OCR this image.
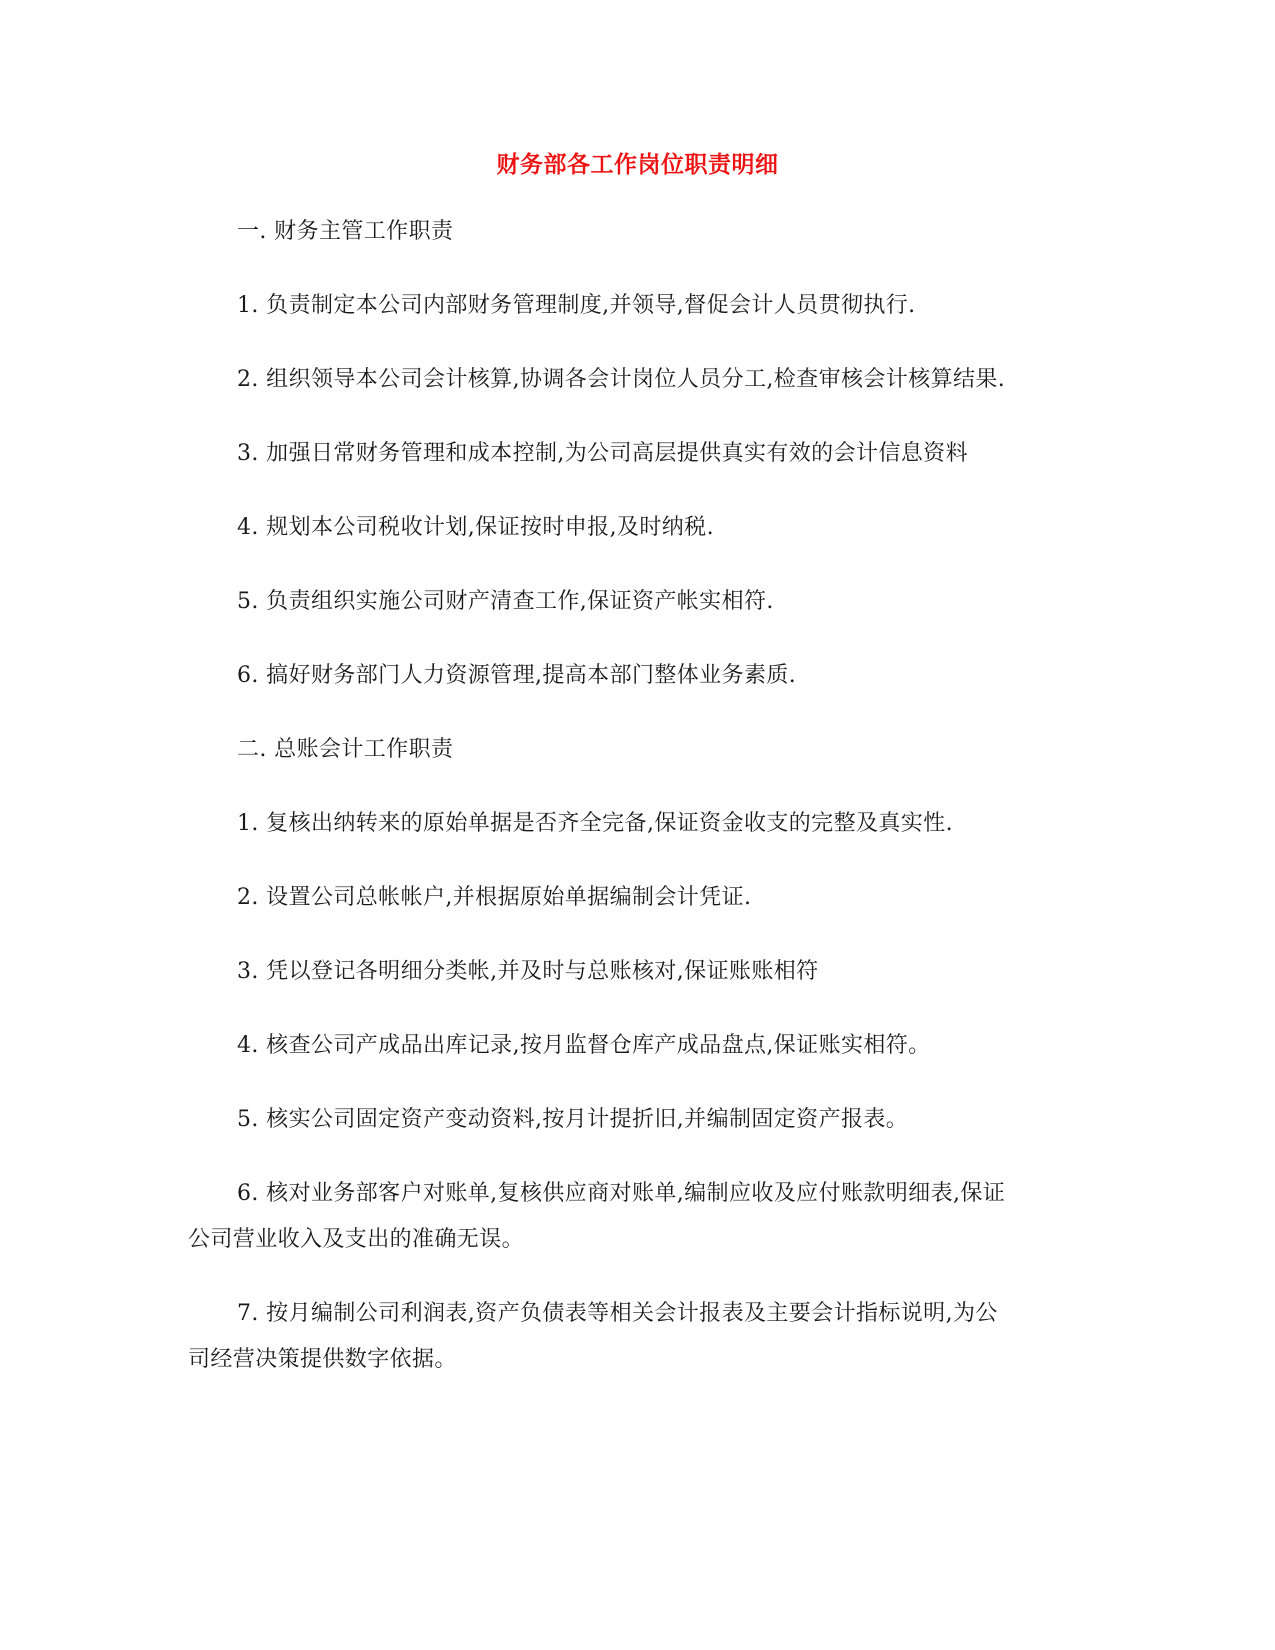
财务部各工作岗位职责明细
一. 财务主管工作职责
1. 负责制定本公司内部财务管理制度,并领导,督促会计人员贯彻执行.
2. 组织领导本公司会计核算,协调各会计岗位人员分工,检查审核会计核算结果.
3. 加强日常财务管理和成本控制,为公司高层提供真实有效的会计信息资料
4. 规划本公司税收计划,保证按时申报,及时纳税.
5. 负责组织实施公司财产清查工作,保证资产帐实相符.
6. 搞好财务部门人力资源管理,提高本部门整体业务素质.
二. 总账会计工作职责
1. 复核出纳转来的原始单据是否齐全完备,保证资金收支的完整及真实性.
2. 设置公司总帐帐户,并根据原始单据编制会计凭证.
3. 凭以登记各明细分类帐,并及时与总账核对,保证账账相符
4. 核查公司产成品出库记录,按月监督仓库产成品盘点,保证账实相符。
5. 核实公司固定资产变动资料,按月计提折旧,并编制固定资产报表。
6. 核对业务部客户对账单,复核供应商对账单,编制应收及应付账款明细表,保证
公司营业收入及支出的准确无误。
7. 按月编制公司利润表,资产负债表等相关会计报表及主要会计指标说明,为公
司经营决策提供数字依据。
